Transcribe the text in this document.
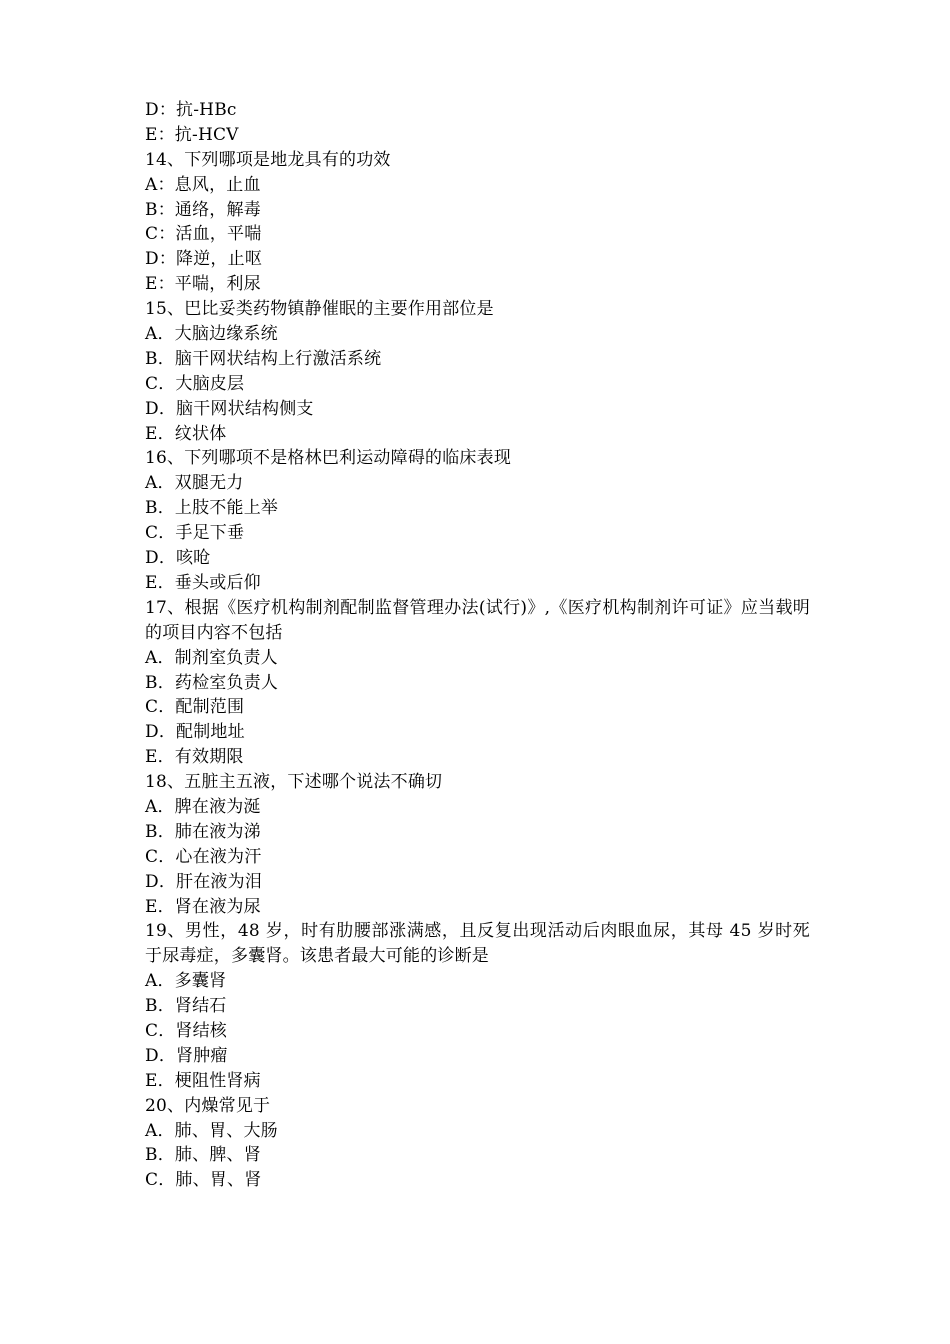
D：抗-HBc
E：抗-HCV
14、下列哪项是地龙具有的功效
A：息风，止血
B：通络，解毒
C：活血，平喘
D：降逆，止呕
E：平喘，利尿
15、巴比妥类药物镇静催眠的主要作用部位是
A．大脑边缘系统
B．脑干网状结构上行激活系统
C．大脑皮层
D．脑干网状结构侧支
E．纹状体
16、下列哪项不是格林巴利运动障碍的临床表现
A．双腿无力
B．上肢不能上举
C．手足下垂
D．咳呛
E．垂头或后仰
17、根据《医疗机构制剂配制监督管理办法(试行)》,《医疗机构制剂许可证》应当载明的项目内容不包括
A．制剂室负责人
B．药检室负责人
C．配制范围
D．配制地址
E．有效期限
18、五脏主五液，下述哪个说法不确切
A．脾在液为涎
B．肺在液为涕
C．心在液为汗
D．肝在液为泪
E．肾在液为尿
19、男性，48 岁，时有肋腰部涨满感，且反复出现活动后肉眼血尿，其母 45 岁时死于尿毒症，多囊肾。该患者最大可能的诊断是
A．多囊肾
B．肾结石
C．肾结核
D．肾肿瘤
E．梗阻性肾病
20、内燥常见于
A．肺、胃、大肠
B．肺、脾、肾
C．肺、胃、肾
